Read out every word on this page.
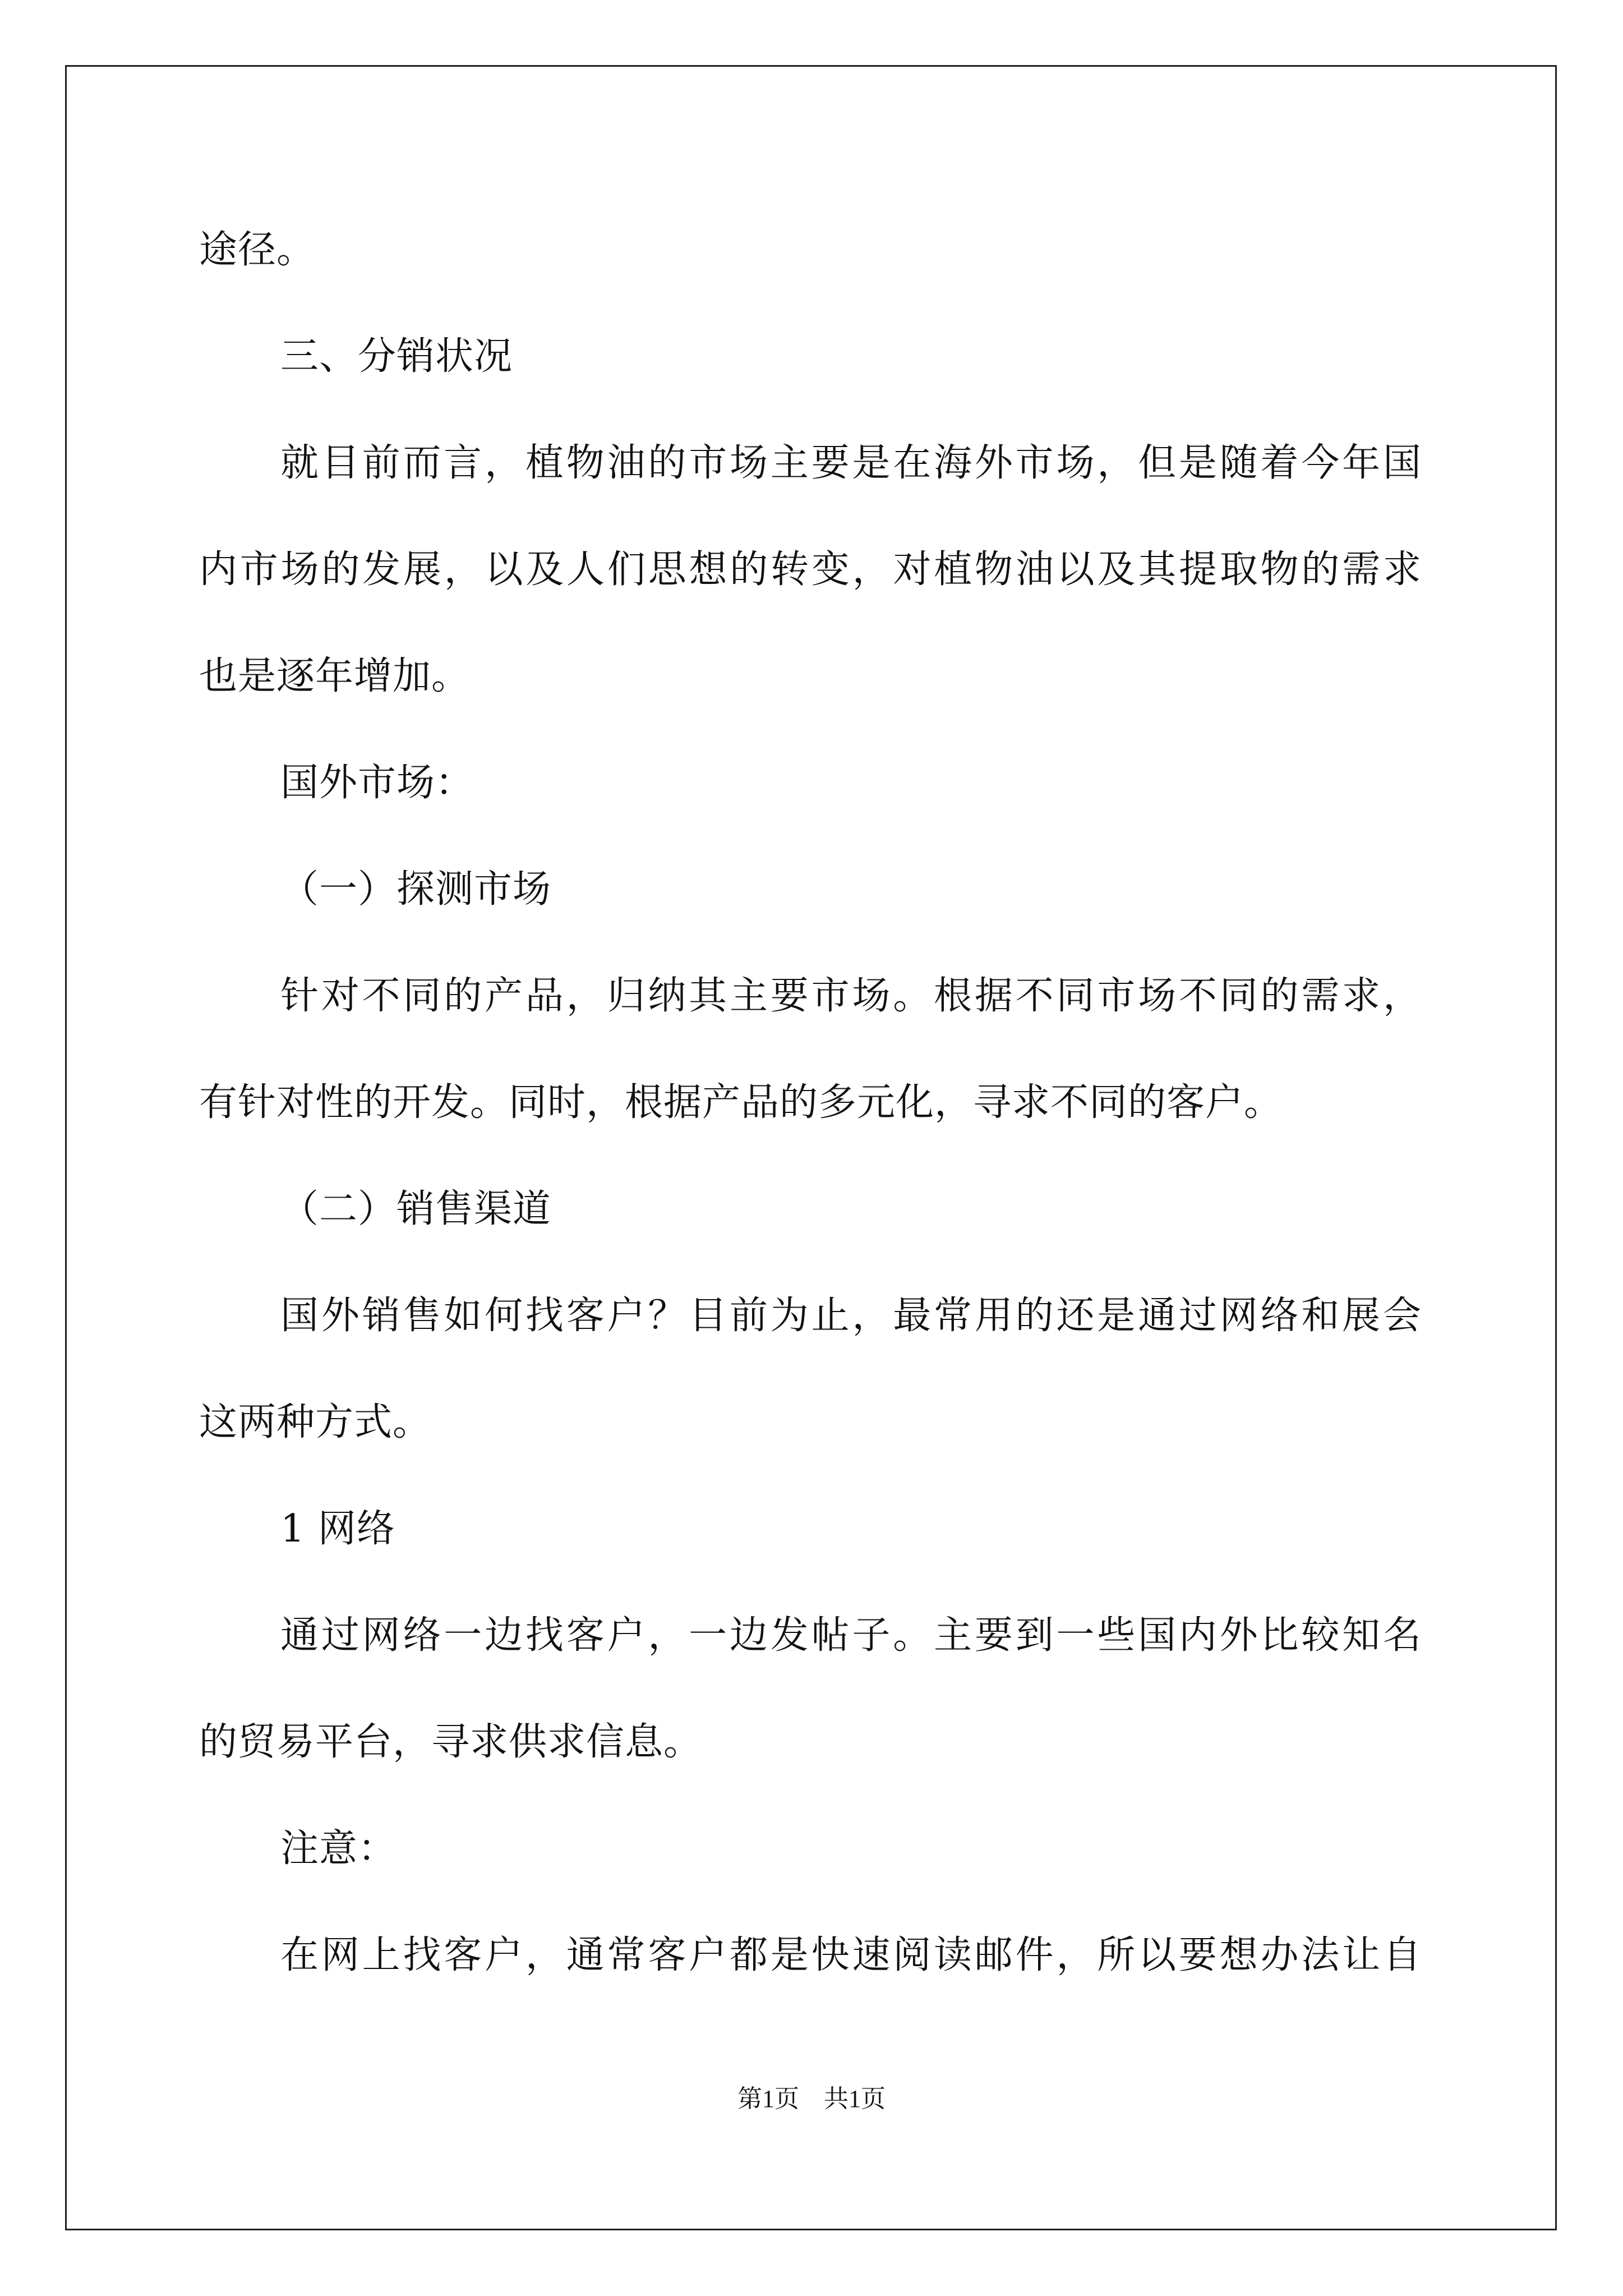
途径。
三、分销状况
就目前而言，植物油的市场主要是在海外市场，但是随着今年国
内市场的发展，以及人们思想的转变，对植物油以及其提取物的需求
也是逐年增加。
国外市场：
（一）探测市场
针对不同的产品，归纳其主要市场。根据不同市场不同的需求，
有针对性的开发。同时，根据产品的多元化，寻求不同的客户。
（二）销售渠道
国外销售如何找客户？目前为止，最常用的还是通过网络和展会
这两种方式。
1 网络
通过网络一边找客户，一边发帖子。主要到一些国内外比较知名
的贸易平台，寻求供求信息。
注意：
在网上找客户，通常客户都是快速阅读邮件，所以要想办法让自
第1页　共1页
